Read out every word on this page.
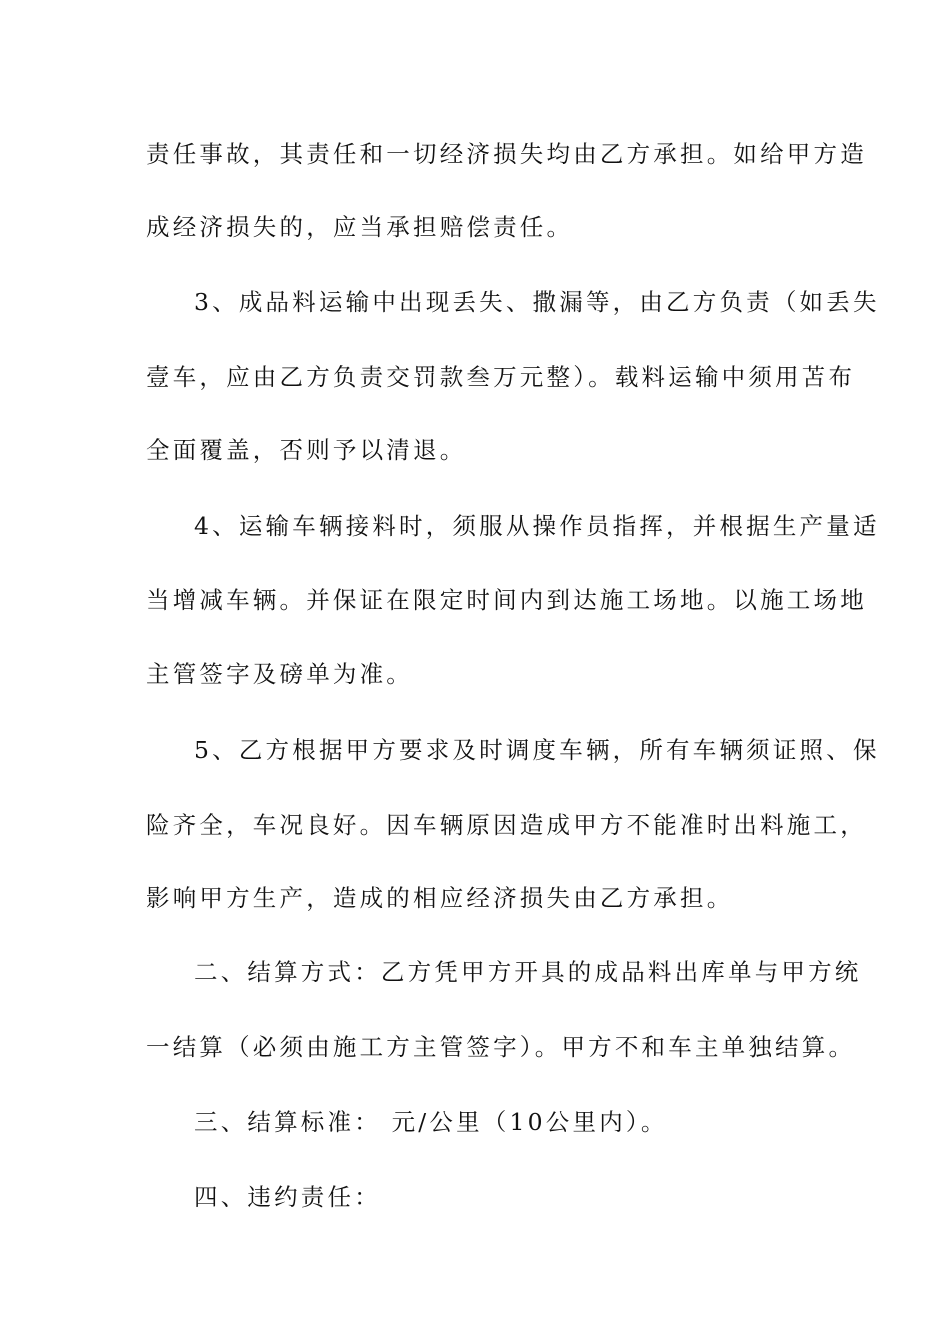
责任事故，其责任和一切经济损失均由乙方承担。如给甲方造
成经济损失的，应当承担赔偿责任。
3、成品料运输中出现丢失、撒漏等，由乙方负责（如丢失
壹车，应由乙方负责交罚款叁万元整）。载料运输中须用苫布
全面覆盖，否则予以清退。
4、运输车辆接料时，须服从操作员指挥，并根据生产量适
当增减车辆。并保证在限定时间内到达施工场地。以施工场地
主管签字及磅单为准。
5、乙方根据甲方要求及时调度车辆，所有车辆须证照、保
险齐全，车况良好。因车辆原因造成甲方不能准时出料施工，
影响甲方生产，造成的相应经济损失由乙方承担。
二、结算方式：乙方凭甲方开具的成品料出库单与甲方统
一结算（必须由施工方主管签字）。甲方不和车主单独结算。
三、结算标准： 元/公里（10公里内）。
四、违约责任：
